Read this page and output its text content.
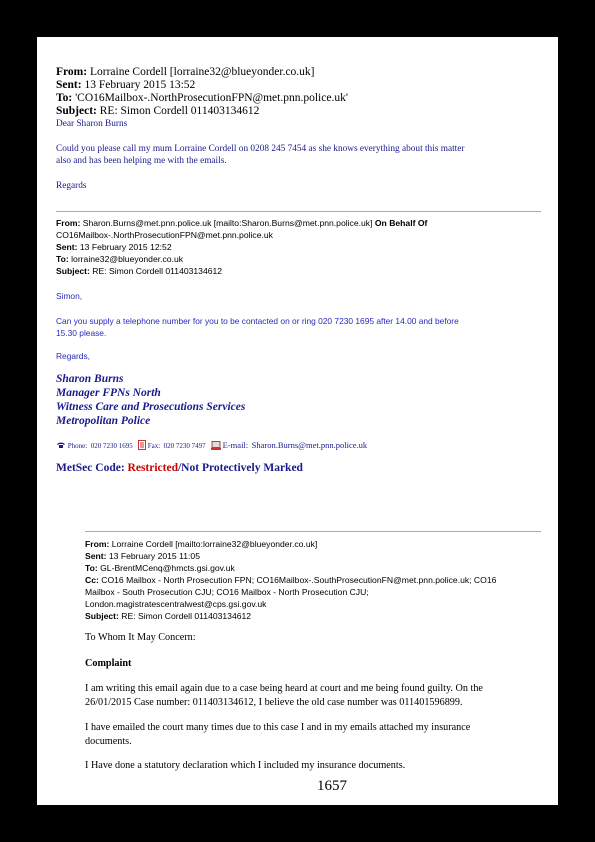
From: Lorraine Cordell [lorraine32@blueyonder.co.uk]
Sent: 13 February 2015 13:52
To: 'CO16Mailbox-.NorthProsecutionFPN@met.pnn.police.uk'
Subject: RE: Simon Cordell 011403134612
Dear Sharon Burns
Could you please call my mum Lorraine Cordell on 0208 245 7454 as she knows everything about this matter
also and has been helping me with the emails.
Regards
From: Sharon.Burns@met.pnn.police.uk [mailto:Sharon.Burns@met.pnn.police.uk] On Behalf Of
CO16Mailbox-.NorthProsecutionFPN@met.pnn.police.uk
Sent: 13 February 2015 12:52
To: lorraine32@blueyonder.co.uk
Subject: RE: Simon Cordell 011403134612
Simon,
Can you supply a telephone number for you to be contacted on or ring 020 7230 1695 after 14.00 and before
15.30 please.
Regards,
Sharon Burns
Manager FPNs North
Witness Care and Prosecutions Services
Metropolitan Police
Phone: 020 7230 1695 Fax: 020 7230 7497 E-mail: Sharon.Burns@met.pnn.police.uk
MetSec Code: Restricted/Not Protectively Marked
From: Lorraine Cordell [mailto:lorraine32@blueyonder.co.uk]
Sent: 13 February 2015 11:05
To: GL-BrentMCenq@hmcts.gsi.gov.uk
Cc: CO16 Mailbox - North Prosecution FPN; CO16Mailbox-.SouthProsecutionFN@met.pnn.police.uk; CO16
Mailbox - South Prosecution CJU; CO16 Mailbox - North Prosecution CJU;
London.magistratescentralwest@cps.gsi.gov.uk
Subject: RE: Simon Cordell 011403134612
To Whom It May Concern:
Complaint
I am writing this email again due to a case being heard at court and me being found guilty. On the
26/01/2015 Case number: 011403134612, I believe the old case number was 011401596899.
I have emailed the court many times due to this case I and in my emails attached my insurance
documents.
I Have done a statutory declaration which I included my insurance documents.
1657
